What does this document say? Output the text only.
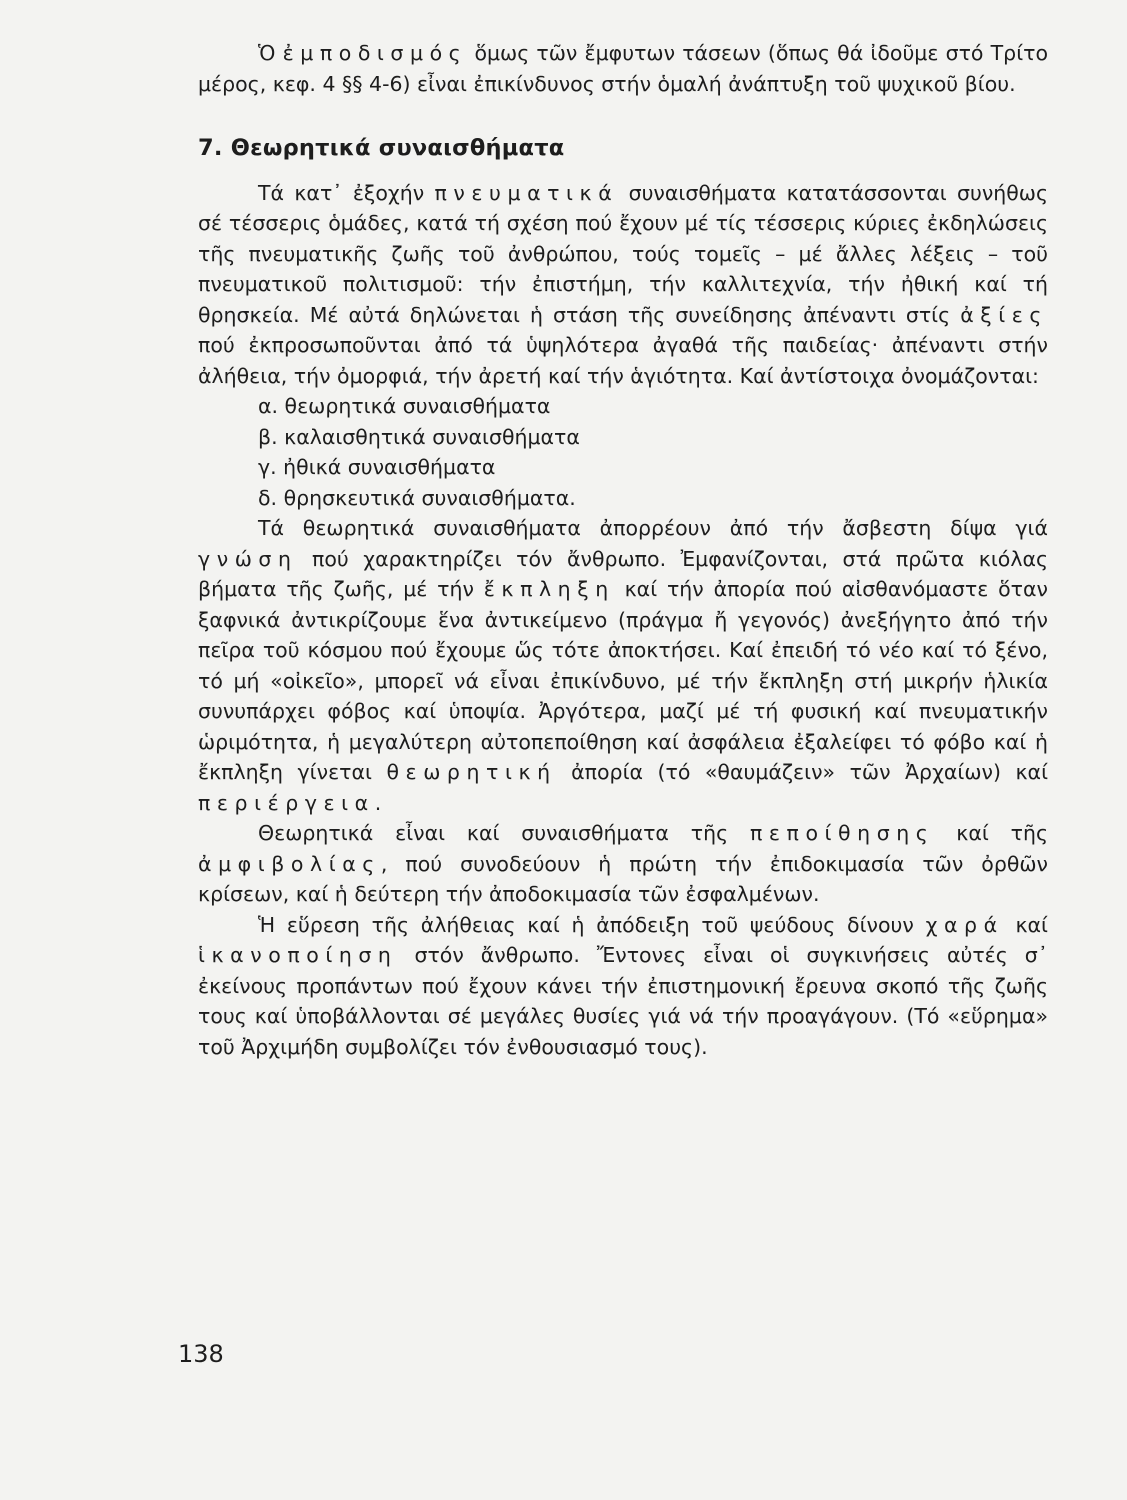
Ὁ ἐμποδισμός ὅμως τῶν ἔμφυτων τάσεων (ὅπως θά ἰδοῦμε στό Τρίτο μέρος, κεφ. 4 §§ 4-6) εἶναι ἐπικίνδυνος στήν ὁμαλή ἀνάπτυξη τοῦ ψυχικοῦ βίου.

7. Θεωρητικά συναισθήματα

Τά κατ᾽ ἐξοχήν πνευματικά συναισθήματα κατατάσσονται συνήθως σέ τέσσερις ὁμάδες, κατά τή σχέση πού ἔχουν μέ τίς τέσσερις κύριες ἐκδηλώσεις τῆς πνευματικῆς ζωῆς τοῦ ἀνθρώπου, τούς τομεῖς – μέ ἄλλες λέξεις – τοῦ πνευματικοῦ πολιτισμοῦ: τήν ἐπιστήμη, τήν καλλιτεχνία, τήν ἠθική καί τή θρησκεία. Μέ αὐτά δηλώνεται ἡ στάση τῆς συνείδησης ἀπέναντι στίς ἀξίες πού ἐκπροσωποῦνται ἀπό τά ὑψηλότερα ἀγαθά τῆς παιδείας· ἀπέναντι στήν ἀλήθεια, τήν ὀμορφιά, τήν ἀρετή καί τήν ἁγιότητα. Καί ἀντίστοιχα ὀνομάζονται:

α. θεωρητικά συναισθήματα
β. καλαισθητικά συναισθήματα
γ. ἠθικά συναισθήματα
δ. θρησκευτικά συναισθήματα.

Τά θεωρητικά συναισθήματα ἀπορρέουν ἀπό τήν ἄσβεστη δίψα γιά γνώση πού χαρακτηρίζει τόν ἄνθρωπο. Ἐμφανίζονται, στά πρῶτα κιόλας βήματα τῆς ζωῆς, μέ τήν ἔκπληξη καί τήν ἀπορία πού αἰσθανόμαστε ὅταν ξαφνικά ἀντικρίζουμε ἕνα ἀντικείμενο (πράγμα ἤ γεγονός) ἀνεξήγητο ἀπό τήν πεῖρα τοῦ κόσμου πού ἔχουμε ὥς τότε ἀποκτήσει. Καί ἐπειδή τό νέο καί τό ξένο, τό μή «οἰκεῖο», μπορεῖ νά εἶναι ἐπικίνδυνο, μέ τήν ἔκπληξη στή μικρήν ἡλικία συνυπάρχει φόβος καί ὑποψία. Ἀργότερα, μαζί μέ τή φυσική καί πνευματικήν ὡριμότητα, ἡ μεγαλύτερη αὐτοπεποίθηση καί ἀσφάλεια ἐξαλείφει τό φόβο καί ἡ ἔκπληξη γίνεται θεωρητική ἀπορία (τό «θαυμάζειν» τῶν Ἀρχαίων) καί περιέργεια.

Θεωρητικά εἶναι καί συναισθήματα τῆς πεποίθησης καί τῆς ἀμφιβολίας, πού συνοδεύουν ἡ πρώτη τήν ἐπιδοκιμασία τῶν ὀρθῶν κρίσεων, καί ἡ δεύτερη τήν ἀποδοκιμασία τῶν ἐσφαλμένων.

Ἡ εὕρεση τῆς ἀλήθειας καί ἡ ἀπόδειξη τοῦ ψεύδους δίνουν χαρά καί ἱκανοποίηση στόν ἄνθρωπο. Ἔντονες εἶναι οἱ συγκινήσεις αὐτές σ᾽ ἐκείνους προπάντων πού ἔχουν κάνει τήν ἐπιστημονική ἔρευνα σκοπό τῆς ζωῆς τους καί ὑποβάλλονται σέ μεγάλες θυσίες γιά νά τήν προαγάγουν. (Τό «εὕρημα» τοῦ Ἀρχιμήδη συμβολίζει τόν ἐνθουσιασμό τους).

138
